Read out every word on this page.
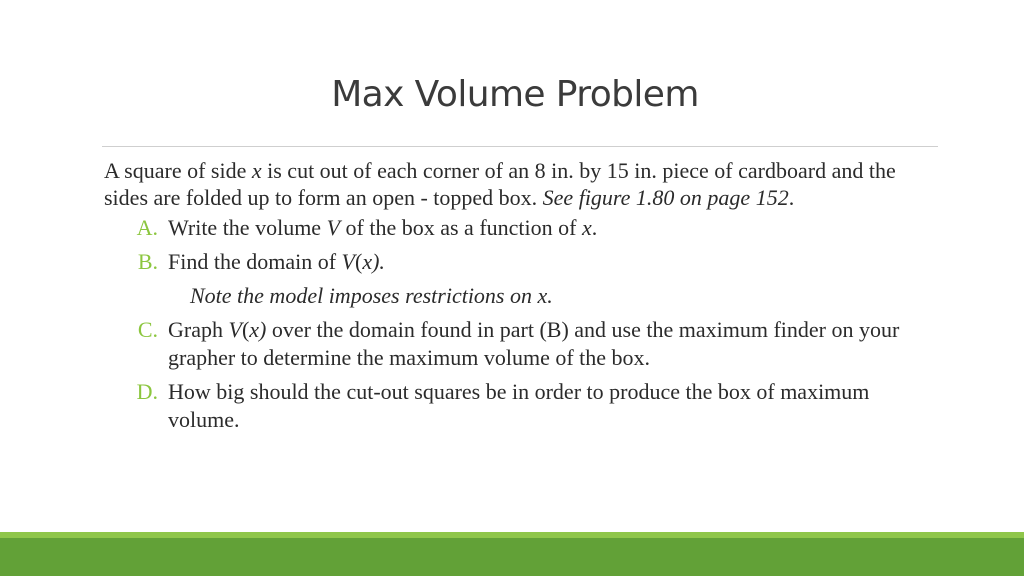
Max Volume Problem

A square of side x is cut out of each corner of an 8 in. by 15 in. piece of cardboard and the sides are folded up to form an open - topped box. See figure 1.80 on page 152.

A. Write the volume V of the box as a function of x.
B. Find the domain of V(x).
Note the model imposes restrictions on x.
C. Graph V(x) over the domain found in part (B) and use the maximum finder on your grapher to determine the maximum volume of the box.
D. How big should the cut-out squares be in order to produce the box of maximum volume.
